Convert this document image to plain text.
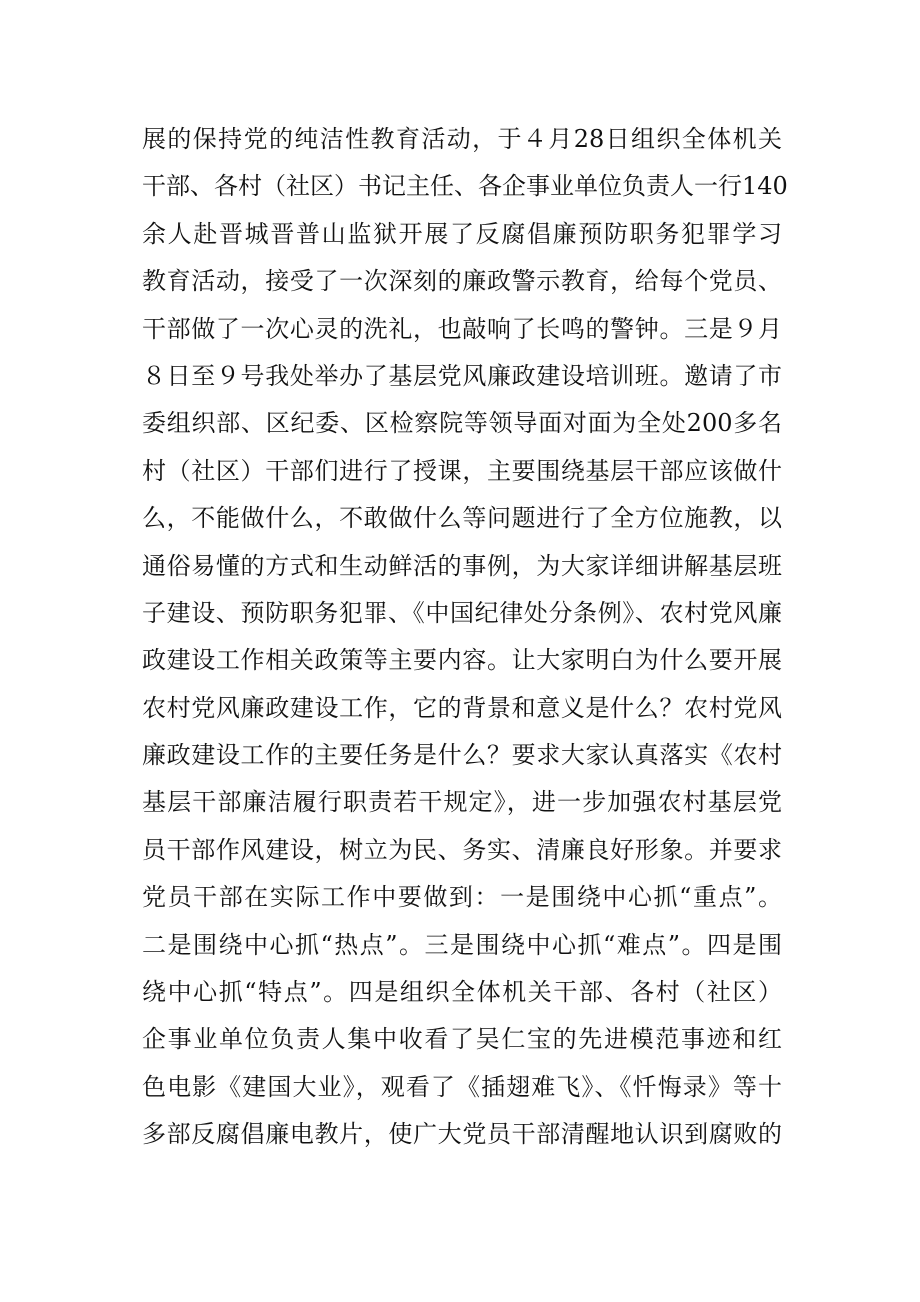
展的保持党的纯洁性教育活动，于４月28日组织全体机关
干部、各村（社区）书记主任、各企事业单位负责人一行140
余人赴晋城晋普山监狱开展了反腐倡廉预防职务犯罪学习
教育活动，接受了一次深刻的廉政警示教育，给每个党员、
干部做了一次心灵的洗礼，也敲响了长鸣的警钟。三是９月
８日至９号我处举办了基层党风廉政建设培训班。邀请了市
委组织部、区纪委、区检察院等领导面对面为全处200多名
村（社区）干部们进行了授课，主要围绕基层干部应该做什
么，不能做什么，不敢做什么等问题进行了全方位施教，以
通俗易懂的方式和生动鲜活的事例，为大家详细讲解基层班
子建设、预防职务犯罪、《中国纪律处分条例》、农村党风廉
政建设工作相关政策等主要内容。让大家明白为什么要开展
农村党风廉政建设工作，它的背景和意义是什么？农村党风
廉政建设工作的主要任务是什么？要求大家认真落实《农村
基层干部廉洁履行职责若干规定》，进一步加强农村基层党
员干部作风建设，树立为民、务实、清廉良好形象。并要求
党员干部在实际工作中要做到：一是围绕中心抓“重点”。
二是围绕中心抓“热点”。三是围绕中心抓“难点”。四是围
绕中心抓“特点”。四是组织全体机关干部、各村（社区）
企事业单位负责人集中收看了吴仁宝的先进模范事迹和红
色电影《建国大业》，观看了《插翅难飞》、《忏悔录》等十
多部反腐倡廉电教片，使广大党员干部清醒地认识到腐败的
